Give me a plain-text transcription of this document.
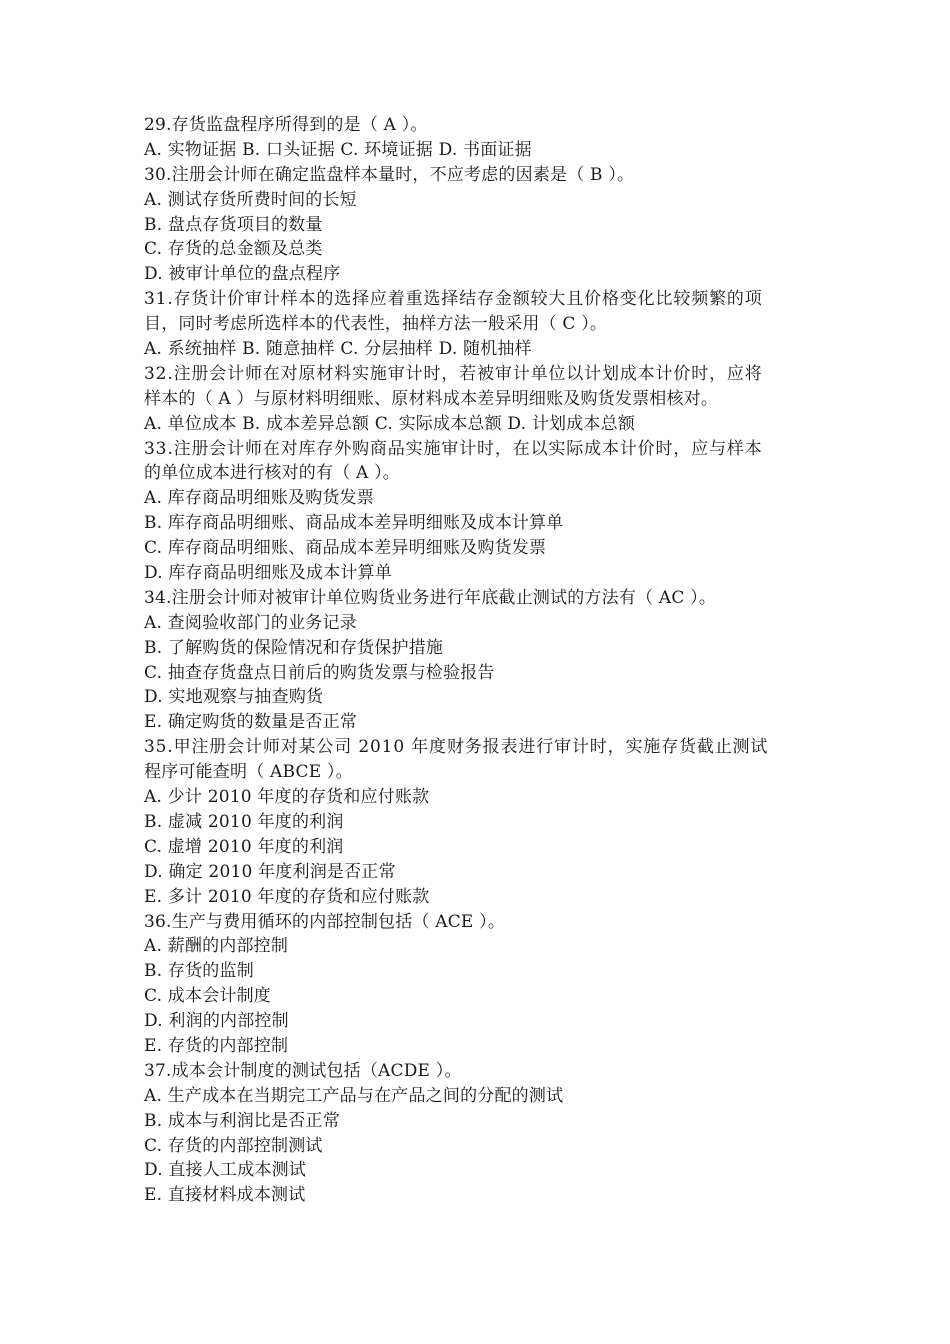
29.存货监盘程序所得到的是（ A ）。
A. 实物证据 B. 口头证据 C. 环境证据 D. 书面证据
30.注册会计师在确定监盘样本量时，不应考虑的因素是（ B ）。
A. 测试存货所费时间的长短
B. 盘点存货项目的数量
C. 存货的总金额及总类
D. 被审计单位的盘点程序
31.存货计价审计样本的选择应着重选择结存金额较大且价格变化比较频繁的项
目，同时考虑所选样本的代表性，抽样方法一般采用（ C ）。
A. 系统抽样 B. 随意抽样 C. 分层抽样 D. 随机抽样
32.注册会计师在对原材料实施审计时，若被审计单位以计划成本计价时，应将
样本的（ A ）与原材料明细账、原材料成本差异明细账及购货发票相核对。
A. 单位成本 B. 成本差异总额 C. 实际成本总额 D. 计划成本总额
33.注册会计师在对库存外购商品实施审计时，在以实际成本计价时，应与样本
的单位成本进行核对的有（ A ）。
A. 库存商品明细账及购货发票
B. 库存商品明细账、商品成本差异明细账及成本计算单
C. 库存商品明细账、商品成本差异明细账及购货发票
D. 库存商品明细账及成本计算单
34.注册会计师对被审计单位购货业务进行年底截止测试的方法有（ AC ）。
A. 查阅验收部门的业务记录
B. 了解购货的保险情况和存货保护措施
C. 抽查存货盘点日前后的购货发票与检验报告
D. 实地观察与抽查购货
E. 确定购货的数量是否正常
35.甲注册会计师对某公司 2010 年度财务报表进行审计时，实施存货截止测试
程序可能查明（ ABCE ）。
A. 少计 2010 年度的存货和应付账款
B. 虚减 2010 年度的利润
C. 虚增 2010 年度的利润
D. 确定 2010 年度利润是否正常
E. 多计 2010 年度的存货和应付账款
36.生产与费用循环的内部控制包括（ ACE ）。
A. 薪酬的内部控制
B. 存货的监制
C. 成本会计制度
D. 利润的内部控制
E. 存货的内部控制
37.成本会计制度的测试包括（ACDE ）。
A. 生产成本在当期完工产品与在产品之间的分配的测试
B. 成本与利润比是否正常
C. 存货的内部控制测试
D. 直接人工成本测试
E. 直接材料成本测试
